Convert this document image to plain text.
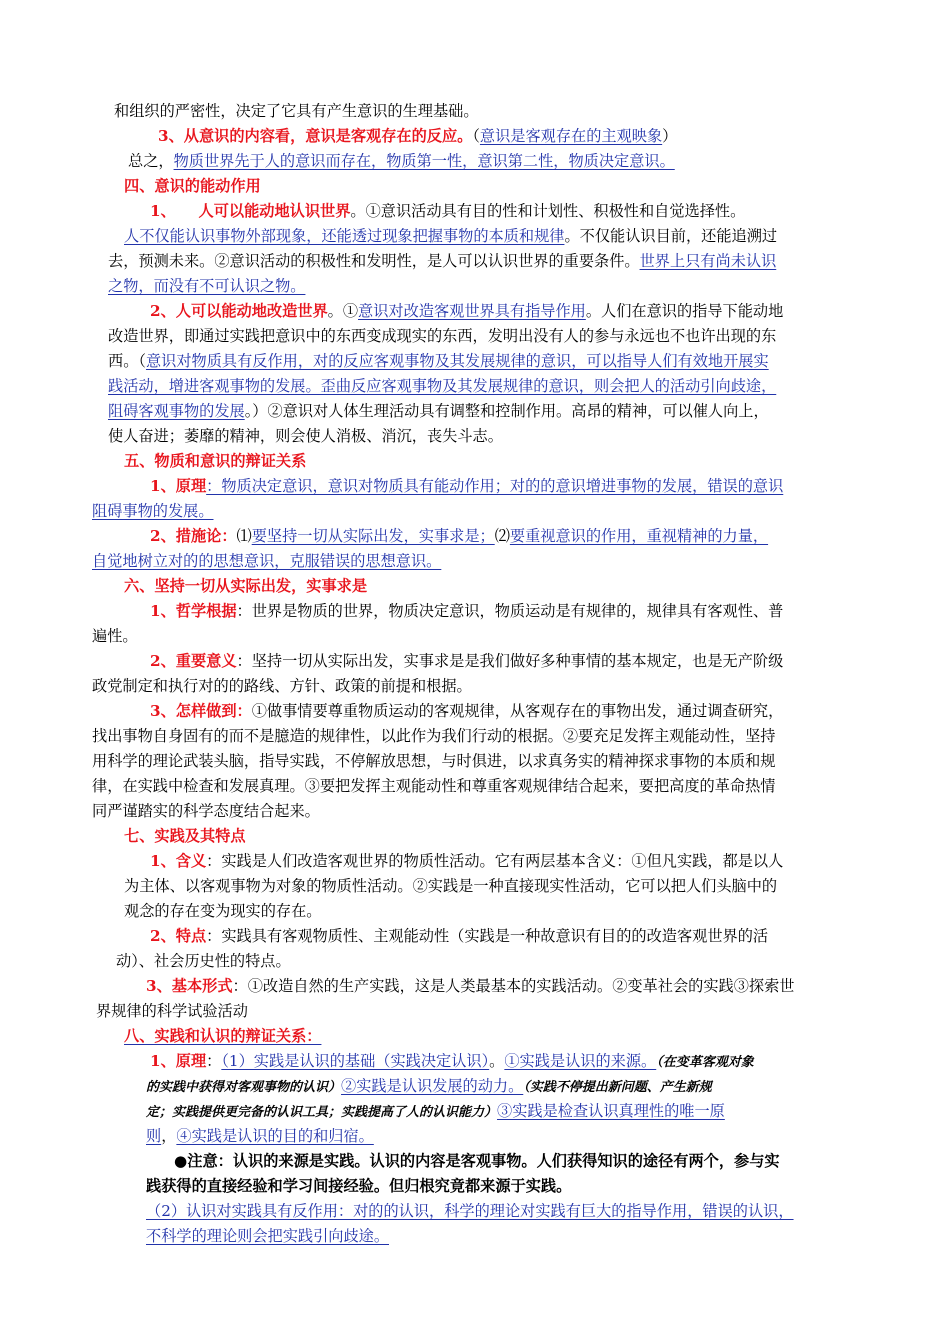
和组织的严密性，决定了它具有产生意识的生理基础。
3、从意识的内容看，意识是客观存在的反应。（意识是客观存在的主观映象）
总之，物质世界先于人的意识而存在，物质第一性，意识第二性，物质决定意识。
四、意识的能动作用
1、　　人可以能动地认识世界。①意识活动具有目的性和计划性、积极性和自觉选择性。
人不仅能认识事物外部现象，还能透过现象把握事物的本质和规律。不仅能认识目前，还能追溯过
去，预测未来。②意识活动的积极性和发明性，是人可以认识世界的重要条件。世界上只有尚未认识
之物，而没有不可认识之物。
2、人可以能动地改造世界。①意识对改造客观世界具有指导作用。人们在意识的指导下能动地
改造世界，即通过实践把意识中的东西变成现实的东西，发明出没有人的参与永远也不也许出现的东
西。（意识对物质具有反作用，对的反应客观事物及其发展规律的意识，可以指导人们有效地开展实
践活动，增进客观事物的发展。歪曲反应客观事物及其发展规律的意识，则会把人的活动引向歧途，
阻碍客观事物的发展。）②意识对人体生理活动具有调整和控制作用。高昂的精神，可以催人向上，
使人奋进；萎靡的精神，则会使人消极、消沉，丧失斗志。
五、物质和意识的辩证关系
1、原理：物质决定意识，意识对物质具有能动作用；对的的意识增进事物的发展，错误的意识
阻碍事物的发展。
2、措施论：⑴要坚持一切从实际出发，实事求是；⑵要重视意识的作用，重视精神的力量，
自觉地树立对的的思想意识，克服错误的思想意识。
六、坚持一切从实际出发，实事求是
1、哲学根据：世界是物质的世界，物质决定意识，物质运动是有规律的，规律具有客观性、普
遍性。
2、重要意义：坚持一切从实际出发，实事求是是我们做好多种事情的基本规定，也是无产阶级
政党制定和执行对的的路线、方针、政策的前提和根据。
3、怎样做到：①做事情要尊重物质运动的客观规律，从客观存在的事物出发，通过调查研究，
找出事物自身固有的而不是臆造的规律性，以此作为我们行动的根据。②要充足发挥主观能动性，坚持
用科学的理论武装头脑，指导实践，不停解放思想，与时俱进，以求真务实的精神探求事物的本质和规
律，在实践中检查和发展真理。③要把发挥主观能动性和尊重客观规律结合起来，要把高度的革命热情
同严谨踏实的科学态度结合起来。
七、实践及其特点
1、含义：实践是人们改造客观世界的物质性活动。它有两层基本含义：①但凡实践，都是以人
为主体、以客观事物为对象的物质性活动。②实践是一种直接现实性活动，它可以把人们头脑中的
观念的存在变为现实的存在。
2、特点：实践具有客观物质性、主观能动性（实践是一种故意识有目的的改造客观世界的活
动）、社会历史性的特点。
3、基本形式：①改造自然的生产实践，这是人类最基本的实践活动。②变革社会的实践③探索世
界规律的科学试验活动
八、实践和认识的辩证关系：
1、原理：（1）实践是认识的基础（实践决定认识）。①实践是认识的来源。（在变革客观对象
的实践中获得对客观事物的认识）②实践是认识发展的动力。（实践不停提出新问题、产生新规
定；实践提供更完备的认识工具；实践提高了人的认识能力）③实践是检查认识真理性的唯一原
则，④实践是认识的目的和归宿。
●注意：认识的来源是实践。认识的内容是客观事物。人们获得知识的途径有两个，参与实
践获得的直接经验和学习间接经验。但归根究竟都来源于实践。
（2）认识对实践具有反作用：对的的认识，科学的理论对实践有巨大的指导作用，错误的认识，
不科学的理论则会把实践引向歧途。
